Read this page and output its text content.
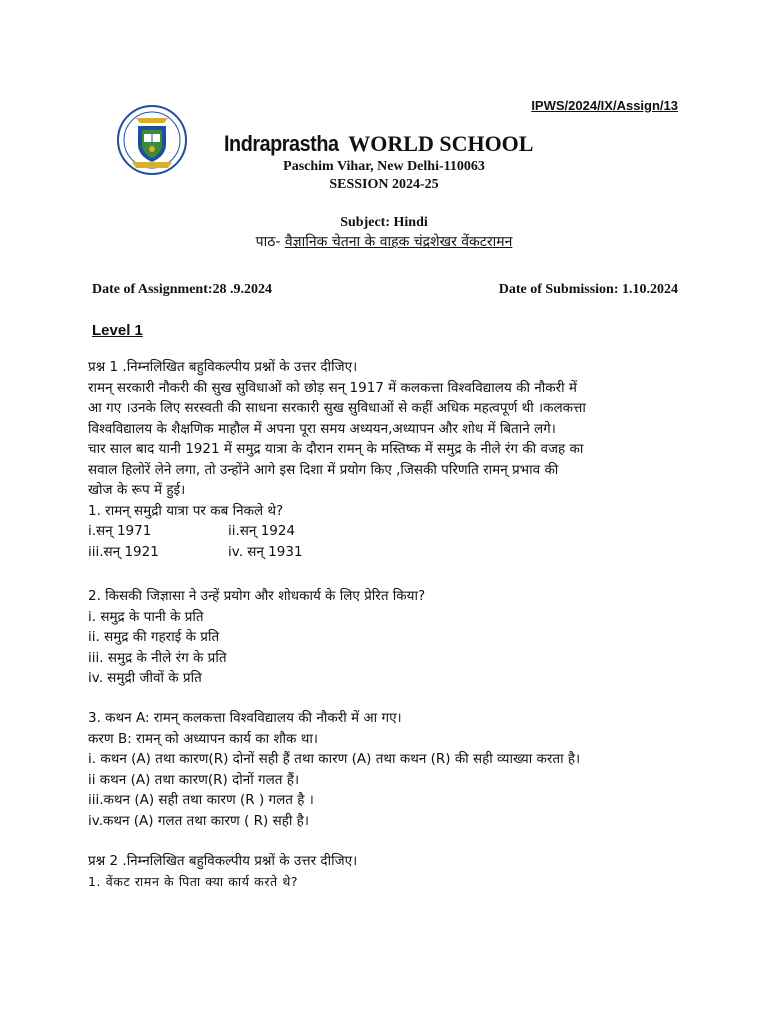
IPWS/2024/IX/Assign/13
Indraprastha WORLD SCHOOL
Paschim Vihar, New Delhi-110063
SESSION 2024-25
Subject: Hindi
पाठ- वैज्ञानिक चेतना के वाहक चंद्रशेखर वेंकटरामन
Date of Assignment:28 .9.2024	Date of Submission: 1.10.2024
Level 1
प्रश्न 1 .निम्नलिखित बहुविकल्पीय प्रश्नों के उत्तर दीजिए।
रामन् सरकारी नौकरी की सुख सुविधाओं को छोड़ सन् 1917 में कलकत्ता विश्वविद्यालय की नौकरी में
आ गए ।उनके लिए सरस्वती की साधना सरकारी सुख सुविधाओं से कहीं अधिक महत्वपूर्ण थी ।कलकत्ता
विश्वविद्यालय के शैक्षणिक माहौल में अपना पूरा समय अध्ययन,अध्यापन और शोध में बिताने लगे।
चार साल बाद यानी 1921 में समुद्र यात्रा के दौरान रामन् के मस्तिष्क में समुद्र के नीले रंग की वजह का
सवाल हिलोरें लेने लगा, तो उन्होंने आगे इस दिशा में प्रयोग किए ,जिसकी परिणति रामन् प्रभाव की
खोज के रूप में हुई।
1. रामन् समुद्री यात्रा पर कब निकले थे?
i.सन् 1971	ii.सन् 1924
iii.सन् 1921	iv. सन् 1931
2. किसकी जिज्ञासा ने उन्हें प्रयोग और शोधकार्य के लिए प्रेरित किया?
i. समुद्र के पानी के प्रति
ii. समुद्र की गहराई के प्रति
iii. समुद्र के नीले रंग के प्रति
iv. समुद्री जीवों के प्रति
3. कथन A: रामन् कलकत्ता विश्वविद्यालय की नौकरी में आ गए।
करण B: रामन् को अध्यापन कार्य का शौक था।
i. कथन (A) तथा कारण(R) दोनों सही हैं तथा कारण (A) तथा कथन (R) की सही व्याख्या करता है।
ii कथन (A) तथा कारण(R) दोनों गलत हैं।
iii.कथन (A) सही तथा कारण (R ) गलत है ।
iv.कथन (A) गलत तथा कारण ( R) सही है।
प्रश्न 2 .निम्नलिखित बहुविकल्पीय प्रश्नों के उत्तर दीजिए।
1. वेंकट रामन के पिता क्या कार्य करते थे?
